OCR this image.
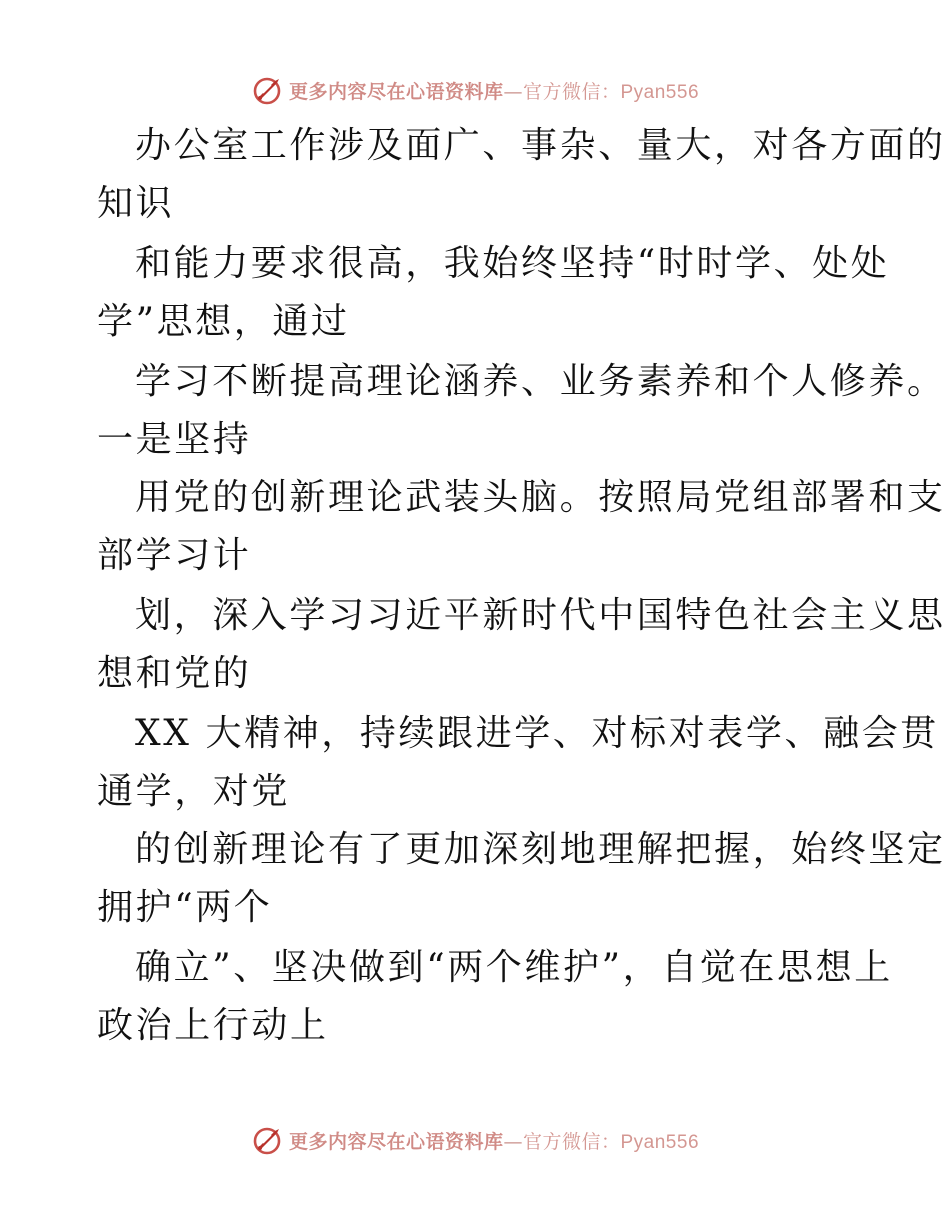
更多内容尽在心语资料库—官方微信：Pyan556
办公室工作涉及面广、事杂、量大，对各方面的
知识
和能力要求很高，我始终坚持“时时学、处处
学”思想，通过
学习不断提高理论涵养、业务素养和个人修养。
一是坚持
用党的创新理论武装头脑。按照局党组部署和支
部学习计
划，深入学习习近平新时代中国特色社会主义思
想和党的
XX 大精神，持续跟进学、对标对表学、融会贯
通学，对党
的创新理论有了更加深刻地理解把握，始终坚定
拥护“两个
确立”、坚决做到“两个维护”，自觉在思想上
政治上行动上
更多内容尽在心语资料库—官方微信：Pyan556
